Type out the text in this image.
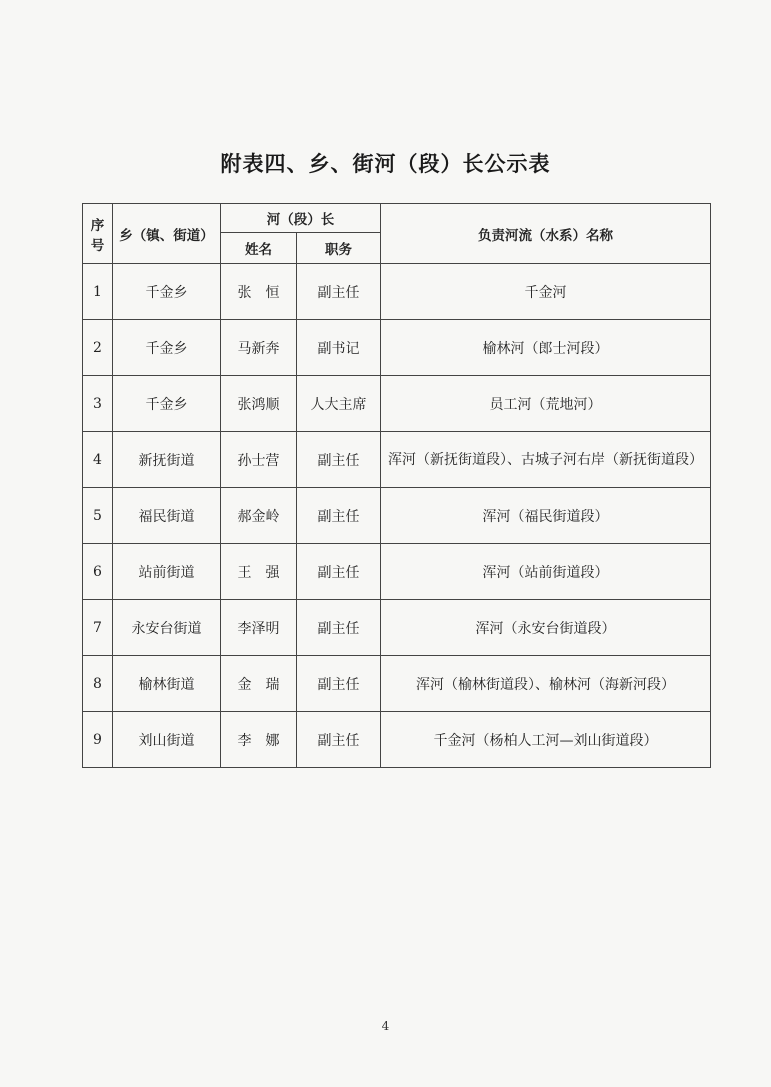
附表四、乡、街河（段）长公示表
序号	乡（镇、街道）	河（段）长		负责河流（水系）名称
		姓名	职务	
1	千金乡	张　恒	副主任	千金河
2	千金乡	马新奔	副书记	榆林河（郎士河段）
3	千金乡	张鸿顺	人大主席	员工河（荒地河）
4	新抚街道	孙士营	副主任	浑河（新抚街道段）、古城子河右岸（新抚街道段）
5	福民街道	郝金岭	副主任	浑河（福民街道段）
6	站前街道	王　强	副主任	浑河（站前街道段）
7	永安台街道	李泽明	副主任	浑河（永安台街道段）
8	榆林街道	金　瑞	副主任	浑河（榆林街道段）、榆林河（海新河段）
9	刘山街道	李　娜	副主任	千金河（杨柏人工河—刘山街道段）
4
